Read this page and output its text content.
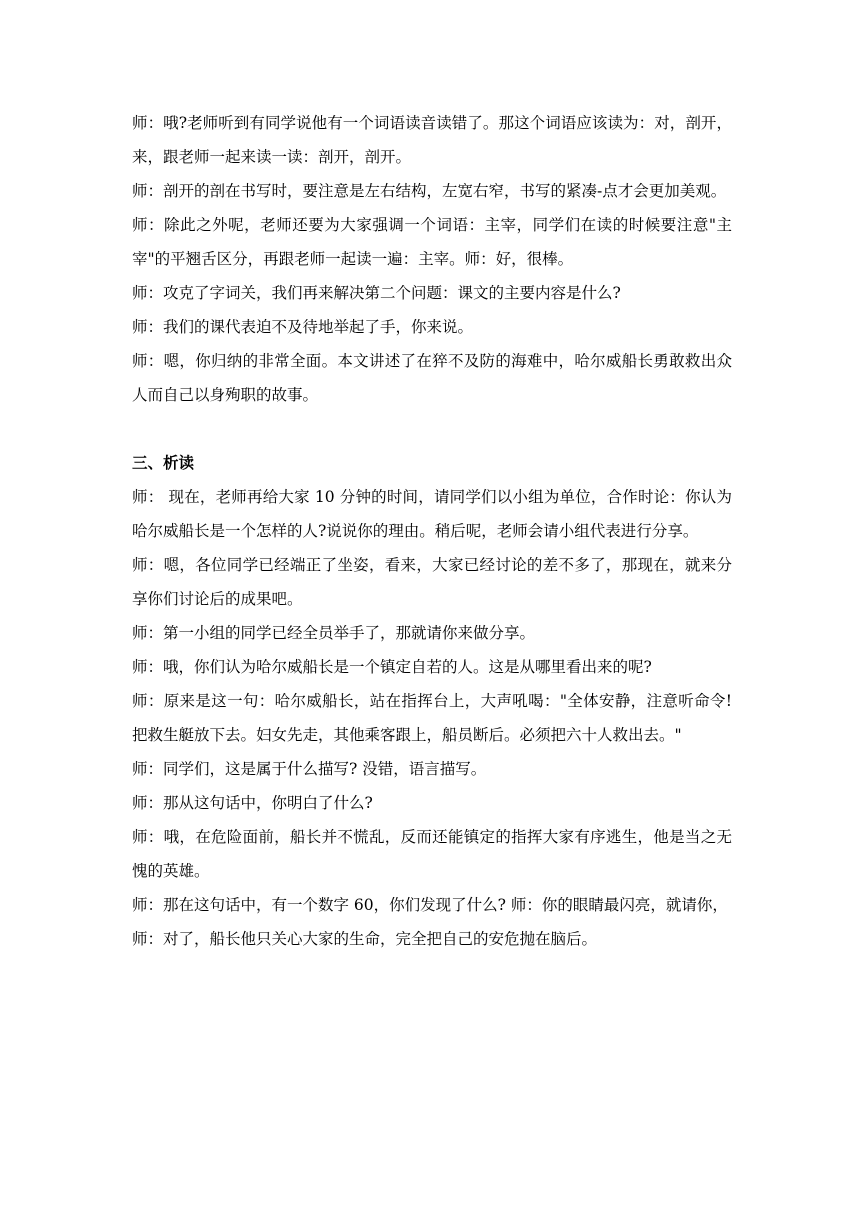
师：哦?老师听到有同学说他有一个词语读音读错了。那这个词语应该读为：对，剖开，来，跟老师一起来读一读：剖开，剖开。

师：剖开的剖在书写时，要注意是左右结构，左宽右窄，书写的紧凑-点才会更加美观。

师：除此之外呢，老师还要为大家强调一个词语：主宰，同学们在读的时候要注意"主宰"的平翘舌区分，再跟老师一起读一遍：主宰。师：好，很棒。

师：攻克了字词关，我们再来解决第二个问题：课文的主要内容是什么?

师：我们的课代表迫不及待地举起了手，你来说。

师：嗯，你归纳的非常全面。本文讲述了在猝不及防的海难中，哈尔威船长勇敢救出众人而自己以身殉职的故事。

三、析读

师： 现在，老师再给大家 10 分钟的时间，请同学们以小组为单位，合作时论：你认为哈尔威船长是一个怎样的人?说说你的理由。稍后呢，老师会请小组代表进行分享。

师：嗯，各位同学已经端正了坐姿，看来，大家已经讨论的差不多了，那现在，就来分享你们讨论后的成果吧。

师：第一小组的同学已经全员举手了，那就请你来做分享。

师：哦，你们认为哈尔威船长是一个镇定自若的人。这是从哪里看出来的呢?

师：原来是这一句：哈尔威船长，站在指挥台上，大声吼喝："全体安静，注意听命令!把救生艇放下去。妇女先走，其他乘客跟上，船员断后。必须把六十人救出去。"

师：同学们，这是属于什么描写? 没错，语言描写。

师：那从这句话中，你明白了什么?

师：哦，在危险面前，船长并不慌乱，反而还能镇定的指挥大家有序逃生，他是当之无愧的英雄。

师：那在这句话中，有一个数字 60，你们发现了什么? 师：你的眼睛最闪亮，就请你，

师：对了，船长他只关心大家的生命，完全把自己的安危抛在脑后。
